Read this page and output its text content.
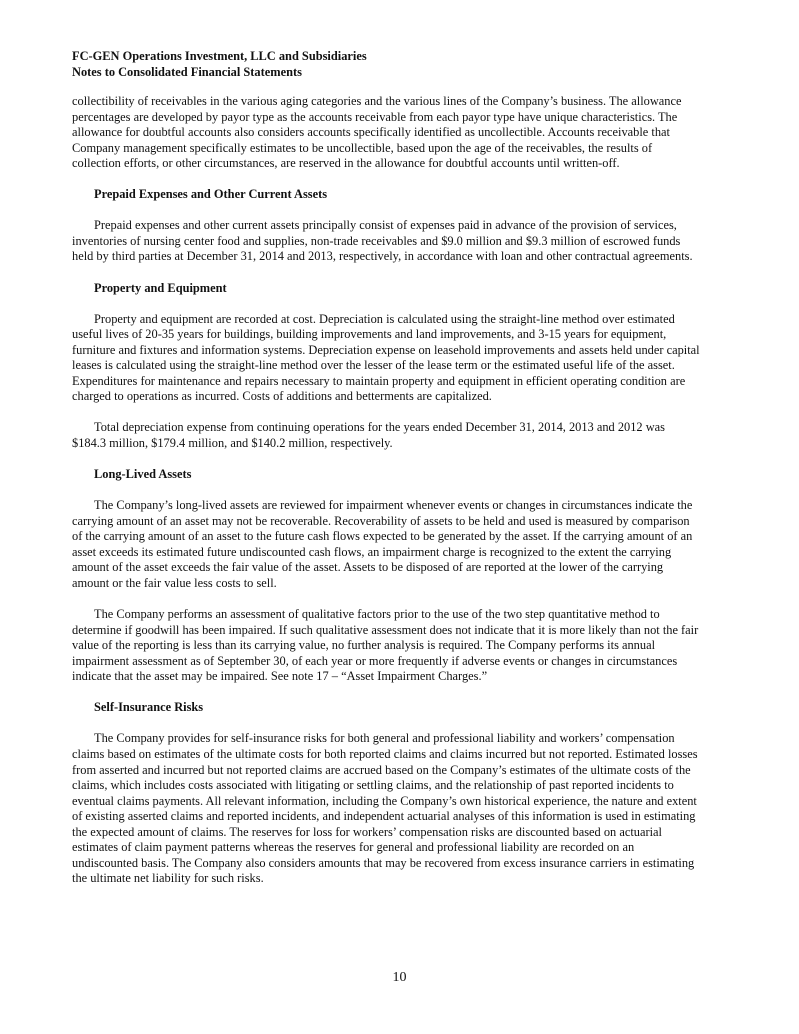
FC-GEN Operations Investment, LLC and Subsidiaries
Notes to Consolidated Financial Statements

collectibility of receivables in the various aging categories and the various lines of the Company’s business. The allowance percentages are developed by payor type as the accounts receivable from each payor type have unique characteristics. The allowance for doubtful accounts also considers accounts specifically identified as uncollectible. Accounts receivable that Company management specifically estimates to be uncollectible, based upon the age of the receivables, the results of collection efforts, or other circumstances, are reserved in the allowance for doubtful accounts until written-off.

Prepaid Expenses and Other Current Assets

Prepaid expenses and other current assets principally consist of expenses paid in advance of the provision of services, inventories of nursing center food and supplies, non-trade receivables and $9.0 million and $9.3 million of escrowed funds held by third parties at December 31, 2014 and 2013, respectively, in accordance with loan and other contractual agreements.

Property and Equipment

Property and equipment are recorded at cost. Depreciation is calculated using the straight-line method over estimated useful lives of 20-35 years for buildings, building improvements and land improvements, and 3-15 years for equipment, furniture and fixtures and information systems. Depreciation expense on leasehold improvements and assets held under capital leases is calculated using the straight-line method over the lesser of the lease term or the estimated useful life of the asset. Expenditures for maintenance and repairs necessary to maintain property and equipment in efficient operating condition are charged to operations as incurred. Costs of additions and betterments are capitalized.

Total depreciation expense from continuing operations for the years ended December 31, 2014, 2013 and 2012 was $184.3 million, $179.4 million, and $140.2 million, respectively.

Long-Lived Assets

The Company’s long-lived assets are reviewed for impairment whenever events or changes in circumstances indicate the carrying amount of an asset may not be recoverable. Recoverability of assets to be held and used is measured by comparison of the carrying amount of an asset to the future cash flows expected to be generated by the asset. If the carrying amount of an asset exceeds its estimated future undiscounted cash flows, an impairment charge is recognized to the extent the carrying amount of the asset exceeds the fair value of the asset. Assets to be disposed of are reported at the lower of the carrying amount or the fair value less costs to sell.

The Company performs an assessment of qualitative factors prior to the use of the two step quantitative method to determine if goodwill has been impaired. If such qualitative assessment does not indicate that it is more likely than not the fair value of the reporting is less than its carrying value, no further analysis is required. The Company performs its annual impairment assessment as of September 30, of each year or more frequently if adverse events or changes in circumstances indicate that the asset may be impaired. See note 17 – “Asset Impairment Charges.”

Self-Insurance Risks

The Company provides for self-insurance risks for both general and professional liability and workers’ compensation claims based on estimates of the ultimate costs for both reported claims and claims incurred but not reported. Estimated losses from asserted and incurred but not reported claims are accrued based on the Company’s estimates of the ultimate costs of the claims, which includes costs associated with litigating or settling claims, and the relationship of past reported incidents to eventual claims payments. All relevant information, including the Company’s own historical experience, the nature and extent of existing asserted claims and reported incidents, and independent actuarial analyses of this information is used in estimating the expected amount of claims. The reserves for loss for workers’ compensation risks are discounted based on actuarial estimates of claim payment patterns whereas the reserves for general and professional liability are recorded on an undiscounted basis. The Company also considers amounts that may be recovered from excess insurance carriers in estimating the ultimate net liability for such risks.

10
